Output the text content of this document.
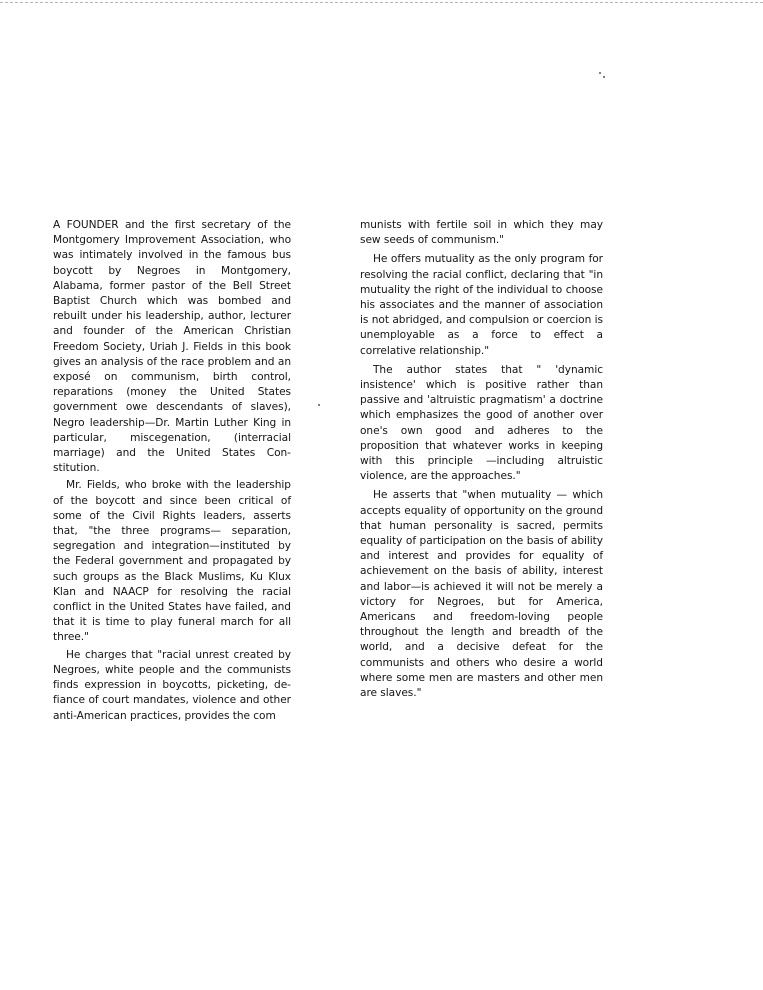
A FOUNDER and the first secretary of the Montgomery Improvement Association, who was intimately involved in the famous bus boycott by Negroes in Montgomery, Alabama, former pastor of the Bell Street Baptist Church which was bombed and rebuilt under his leadership, author, lecturer and founder of the American Christian Freedom Society, Uriah J. Fields in this book gives an analysis of the race problem and an exposé on communism, birth control, reparations (money the United States government owe descendants of slaves), Negro leadership—Dr. Martin Luther King in particular, miscegenation, (interracial marriage) and the United States Constitution.

Mr. Fields, who broke with the leadership of the boycott and since been critical of some of the Civil Rights leaders, asserts that, "the three programs— separation, segregation and integration—instituted by the Federal government and propagated by such groups as the Black Muslims, Ku Klux Klan and NAACP for resolving the racial conflict in the United States have failed, and that it is time to play funeral march for all three."

He charges that "racial unrest created by Negroes, white people and the communists finds expression in boycotts, picketing, defiance of court mandates, violence and other anti-American practices, provides the com

munists with fertile soil in which they may sew seeds of communism."

He offers mutuality as the only program for resolving the racial conflict, declaring that "in mutuality the right of the individual to choose his associates and the manner of association is not abridged, and compulsion or coercion is unemployable as a force to effect a correlative relationship."

The author states that " 'dynamic insistence' which is positive rather than passive and 'altruistic pragmatism' a doctrine which emphasizes the good of another over one's own good and adheres to the proposition that whatever works in keeping with this principle —including altruistic violence, are the approaches."

He asserts that "when mutuality — which accepts equality of opportunity on the ground that human personality is sacred, permits equality of participation on the basis of ability and interest and provides for equality of achievement on the basis of ability, interest and labor—is achieved it will not be merely a victory for Negroes, but for America, Americans and freedom-loving people throughout the length and breadth of the world, and a decisive defeat for the communists and others who desire a world where some men are masters and other men are slaves."
